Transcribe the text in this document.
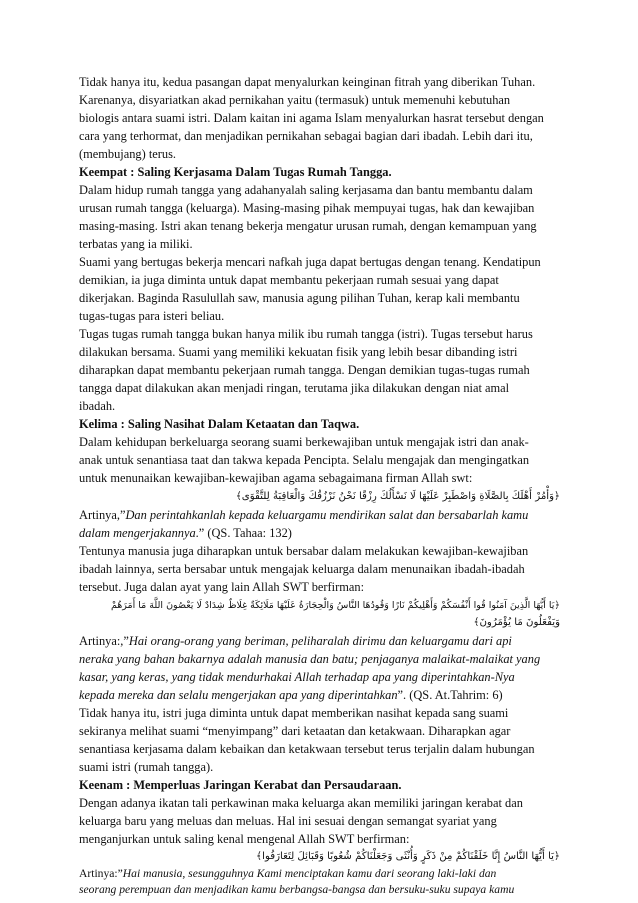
Tidak hanya itu, kedua pasangan dapat menyalurkan keinginan fitrah yang diberikan Tuhan.

Karenanya, disyariatkan akad pernikahan yaitu (termasuk) untuk memenuhi kebutuhan

biologis antara suami istri. Dalam kaitan ini agama Islam menyalurkan hasrat tersebut dengan

cara yang terhormat, dan menjadikan pernikahan sebagai bagian dari ibadah. Lebih dari itu,

(membujang) terus.

Keempat : Saling Kerjasama Dalam Tugas Rumah Tangga.

Dalam hidup rumah tangga yang adahanyalah saling kerjasama dan bantu membantu dalam

urusan rumah tangga (keluarga). Masing-masing pihak mempuyai tugas, hak dan kewajiban

masing-masing. Istri akan tenang bekerja mengatur urusan rumah, dengan kemampuan yang

terbatas yang ia miliki.

Suami yang bertugas bekerja mencari nafkah juga dapat bertugas dengan tenang. Kendatipun

demikian, ia juga diminta untuk dapat membantu pekerjaan rumah sesuai yang dapat

dikerjakan. Baginda Rasulullah saw, manusia agung pilihan Tuhan, kerap kali membantu

tugas-tugas para isteri beliau.

Tugas tugas rumah tangga bukan hanya milik ibu rumah tangga (istri). Tugas tersebut harus

dilakukan bersama. Suami yang memiliki kekuatan fisik yang lebih besar dibanding istri

diharapkan dapat membantu pekerjaan rumah tangga. Dengan demikian tugas-tugas rumah

tangga dapat dilakukan akan menjadi ringan, terutama jika dilakukan dengan niat amal

ibadah.

Kelima : Saling Nasihat Dalam Ketaatan dan Taqwa.

Dalam kehidupan berkeluarga seorang suami berkewajiban untuk mengajak istri dan anak-

anak untuk senantiasa taat dan takwa kepada Pencipta. Selalu mengajak dan mengingatkan

untuk menunaikan kewajiban-kewajiban agama sebagaimana firman Allah swt:

﴿وَأْمُرْ أَهْلَكَ بِالصَّلَاةِ وَاصْطَبِرْ عَلَيْهَا لَا نَسْأَلُكَ رِزْقًا نَحْنُ نَرْزُقُكَ وَالْعَاقِبَةُ لِلتَّقْوَى﴾

Artinya,”Dan perintahkanlah kepada keluargamu mendirikan salat dan bersabarlah kamu

dalam mengerjakannya.” (QS. Tahaa: 132)

Tentunya manusia juga diharapkan untuk bersabar dalam melakukan kewajiban-kewajiban

ibadah lainnya, serta bersabar untuk mengajak keluarga dalam menunaikan ibadah-ibadah

tersebut. Juga dalan ayat yang lain Allah SWT berfirman:

﴿يَا أَيُّهَا الَّذِينَ آمَنُوا قُوا أَنْفُسَكُمْ وَأَهْلِيكُمْ نَارًا وَقُودُهَا النَّاسُ وَالْحِجَارَةُ عَلَيْهَا مَلَائِكَةٌ غِلَاظٌ شِدَادٌ لَا يَعْصُونَ اللَّهَ مَا أَمَرَهُمْ

وَيَفْعَلُونَ مَا يُؤْمَرُونَ﴾

Artinya:,”Hai orang-orang yang beriman, peliharalah dirimu dan keluargamu dari api

neraka yang bahan bakarnya adalah manusia dan batu; penjaganya malaikat-malaikat yang

kasar, yang keras, yang tidak mendurhakai Allah terhadap apa yang diperintahkan-Nya

kepada mereka dan selalu mengerjakan apa yang diperintahkan”. (QS. At.Tahrim: 6)

Tidak hanya itu, istri juga diminta untuk dapat memberikan nasihat kepada sang suami

sekiranya melihat suami “menyimpang” dari ketaatan dan ketakwaan. Diharapkan agar

senantiasa kerjasama dalam kebaikan dan ketakwaan tersebut terus terjalin dalam hubungan

suami istri (rumah tangga).

Keenam : Memperluas Jaringan Kerabat dan Persaudaraan.

Dengan adanya ikatan tali perkawinan maka keluarga akan memiliki jaringan kerabat dan

keluarga baru yang meluas dan meluas. Hal ini sesuai dengan semangat syariat yang

menganjurkan untuk saling kenal mengenal Allah SWT berfirman:

﴿يَا أَيُّهَا النَّاسُ إِنَّا خَلَقْنَاكُمْ مِنْ ذَكَرٍ وَأُنْثَى وَجَعَلْنَاكُمْ شُعُوبًا وَقَبَائِلَ لِتَعَارَفُوا﴾

Artinya:”Hai manusia, sesungguhnya Kami menciptakan kamu dari seorang laki-laki dan

seorang perempuan dan menjadikan kamu berbangsa-bangsa dan bersuku-suku supaya kamu
